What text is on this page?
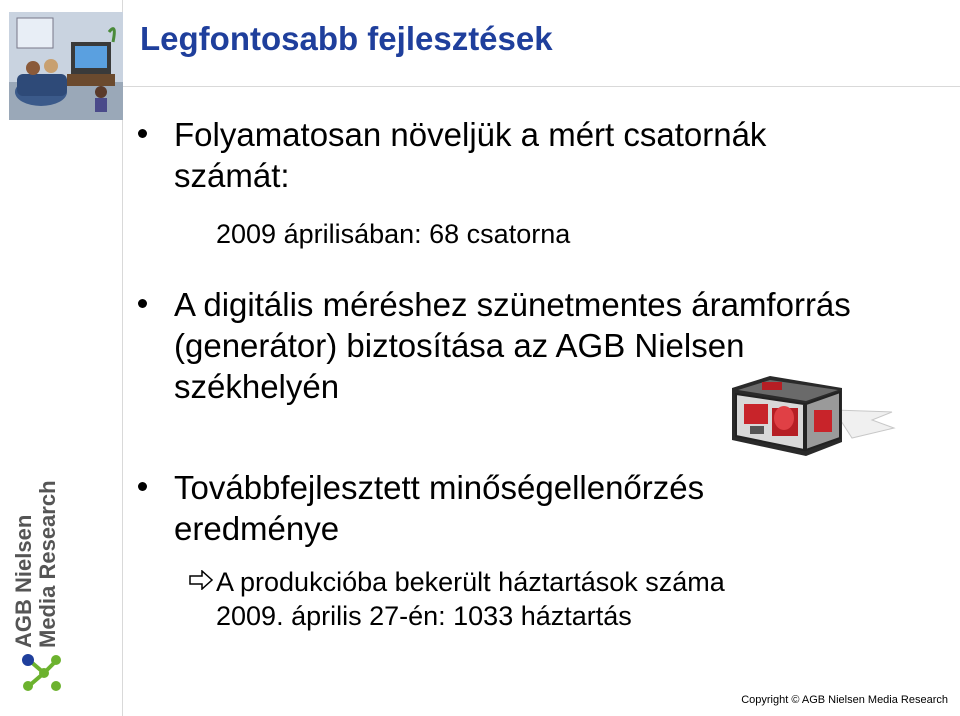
Legfontosabb fejlesztések
Folyamatosan növeljük a mért csatornák számát:
2009 áprilisában: 68 csatorna
A digitális méréshez szünetmentes áramforrás (generátor) biztosítása az AGB Nielsen székhelyén
Továbbfejlesztett minőségellenőrzés eredménye
A produkcióba bekerült háztartások száma
2009. április 27-én: 1033 háztartás
AGB Nielsen Media Research
Copyright © AGB Nielsen Media Research
